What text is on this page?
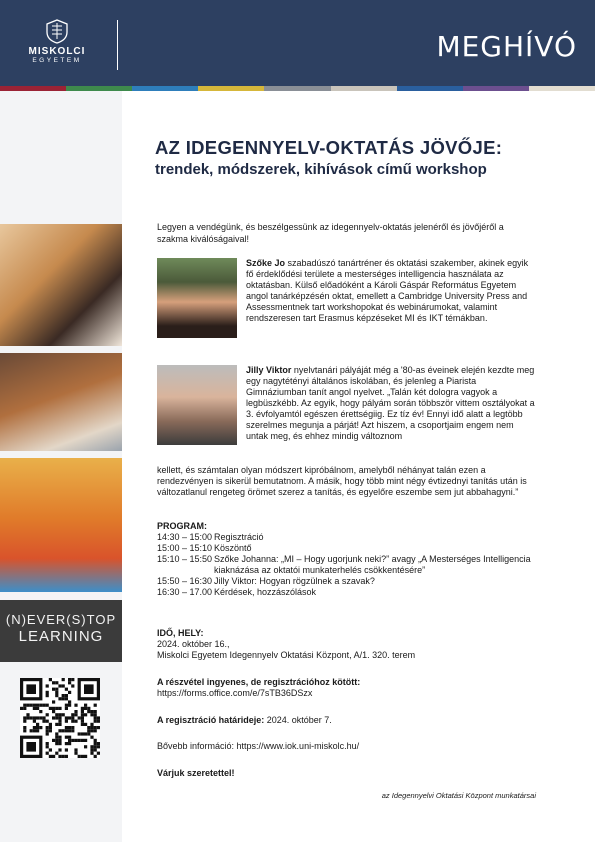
MISKOLCI
EGYETEM	MEGHÍVÓ
(N)EVER(S)TOP
LEARNING
AZ IDEGENNYELV-OKTATÁS JÖVŐJE:
trendek, módszerek, kihívások című workshop
Legyen a vendégünk, és beszélgessünk az idegennyelv-oktatás jelenéről és jövőjéről a szakma kiválóságaival!
Szőke Jo szabadúszó tanártréner és oktatási szakember, akinek egyik fő érdeklődési területe a mesterséges intelligencia használata az oktatásban. Külső előadóként a Károli Gáspár Református Egyetem angol tanárképzésén oktat, emellett a Cambridge University Press and Assessmentnek tart workshopokat és webinárumokat, valamint rendszeresen tart Erasmus képzéseket MI és IKT témákban.
Jilly Viktor nyelvtanári pályáját még a '80-as éveinek elején kezdte meg egy nagytétényi általános iskolában, és jelenleg a Piarista Gimnáziumban tanít angol nyelvet. „Talán két dologra vagyok a legbüszkébb. Az egyik, hogy pályám során többször vittem osztályokat a 3. évfolyamtól egészen érettségiig. Ez tíz év! Ennyi idő alatt a legtöbb szerelmes megunja a párját! Azt hiszem, a csoportjaim engem nem untak meg, és ehhez mindig változnom
kellett, és számtalan olyan módszert kipróbálnom, amelyből néhányat talán ezen a rendezvényen is sikerül bemutatnom. A másik, hogy több mint négy évtizednyi tanítás után is változatlanul rengeteg örömet szerez a tanítás, és egyelőre eszembe sem jut abbahagyni.”
PROGRAM:
14:30 – 15:00 Regisztráció
15:00 – 15:10 Köszöntő
15:10 – 15:50 Szőke Johanna: „MI – Hogy ugorjunk neki?” avagy „A Mesterséges Intelligencia kiaknázása az oktatói munkaterhelés csökkentésére”
15:50 – 16:30 Jilly Viktor: Hogyan rögzülnek a szavak?
16:30 – 17.00 Kérdések, hozzászólások
IDŐ, HELY:
2024. október 16.,
Miskolci Egyetem Idegennyelv Oktatási Központ, A/1. 320. terem
A részvétel ingyenes, de regisztrációhoz kötött:
https://forms.office.com/e/7sTB36DSzx
A regisztráció határideje: 2024. október 7.
Bővebb információ: https://www.iok.uni-miskolc.hu/
Várjuk szeretettel!
az Idegennyelvi Oktatási Központ munkatársai
